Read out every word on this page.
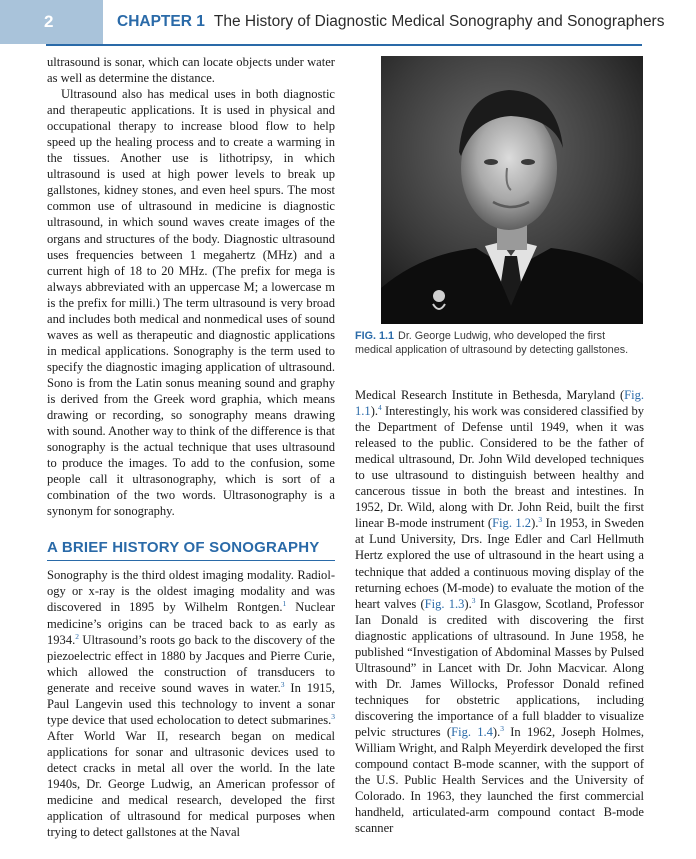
2	CHAPTER 1 The History of Diagnostic Medical Sonography and Sonographers

ultrasound is sonar, which can locate objects under water as well as determine the distance.

Ultrasound also has medical uses in both diagnostic and therapeutic applications. It is used in physical and occupational therapy to increase blood flow to help speed up the healing process and to create a warming in the tissues. Another use is lithotripsy, in which ultrasound is used at high power levels to break up gallstones, kidney stones, and even heel spurs. The most common use of ultrasound in medicine is diagnostic ultrasound, in which sound waves create images of the organs and structures of the body. Diagnostic ultrasound uses frequencies between 1 megahertz (MHz) and a current high of 18 to 20 MHz. (The prefix for mega is always abbreviated with an uppercase M; a lowercase m is the prefix for milli.) The term ultrasound is very broad and includes both medical and nonmedical uses of sound waves as well as therapeutic and diagnostic applications in medical applications. Sonography is the term used to specify the diagnostic imaging application of ultrasound. Sono is from the Latin sonus meaning sound and graphy is derived from the Greek word graphia, which means drawing or recording, so sonography means drawing with sound. Another way to think of the difference is that sonography is the actual technique that uses ultrasound to produce the images. To add to the confusion, some people call it ultrasonography, which is sort of a combination of the two words. Ultrasonography is a synonym for sonography.

A BRIEF HISTORY OF SONOGRAPHY

Sonography is the third oldest imaging modality. Radiology or x-ray is the oldest imaging modality and was discovered in 1895 by Wilhelm Rontgen.$^1$ Nuclear medicine’s origins can be traced back to as early as 1934.$^2$ Ultrasound’s roots go back to the discovery of the piezoelectric effect in 1880 by Jacques and Pierre Curie, which allowed the construction of transducers to generate and receive sound waves in water.$^3$ In 1915, Paul Langevin used this technology to invent a sonar type device that used echolocation to detect submarines.$^3$ After World War II, research began on medical applications for sonar and ultrasonic devices used to detect cracks in metal all over the world. In the late 1940s, Dr. George Ludwig, an American professor of medicine and medical research, developed the first application of ultrasound for medical purposes when trying to detect gallstones at the Naval

FIG. 1.1 Dr. George Ludwig, who developed the first medical application of ultrasound by detecting gallstones.

Medical Research Institute in Bethesda, Maryland (Fig. 1.1).$^4$ Interestingly, his work was considered classified by the Department of Defense until 1949, when it was released to the public. Considered to be the father of medical ultrasound, Dr. John Wild developed techniques to use ultrasound to distinguish between healthy and cancerous tissue in both the breast and intestines. In 1952, Dr. Wild, along with Dr. John Reid, built the first linear B-mode instrument (Fig. 1.2).$^3$ In 1953, in Sweden at Lund University, Drs. Inge Edler and Carl Hellmuth Hertz explored the use of ultrasound in the heart using a technique that added a continuous moving display of the returning echoes (M-mode) to evaluate the motion of the heart valves (Fig. 1.3).$^3$ In Glasgow, Scotland, Professor Ian Donald is credited with discovering the first diagnostic applications of ultrasound. In June 1958, he published “Investigation of Abdominal Masses by Pulsed Ultrasound” in Lancet with Dr. John Macvicar. Along with Dr. James Willocks, Professor Donald refined techniques for obstetric applications, including discovering the importance of a full bladder to visualize pelvic structures (Fig. 1.4).$^3$ In 1962, Joseph Holmes, William Wright, and Ralph Meyerdirk developed the first compound contact B-mode scanner, with the support of the U.S. Public Health Services and the University of Colorado. In 1963, they launched the first commercial handheld, articulated-arm compound contact B-mode scanner
